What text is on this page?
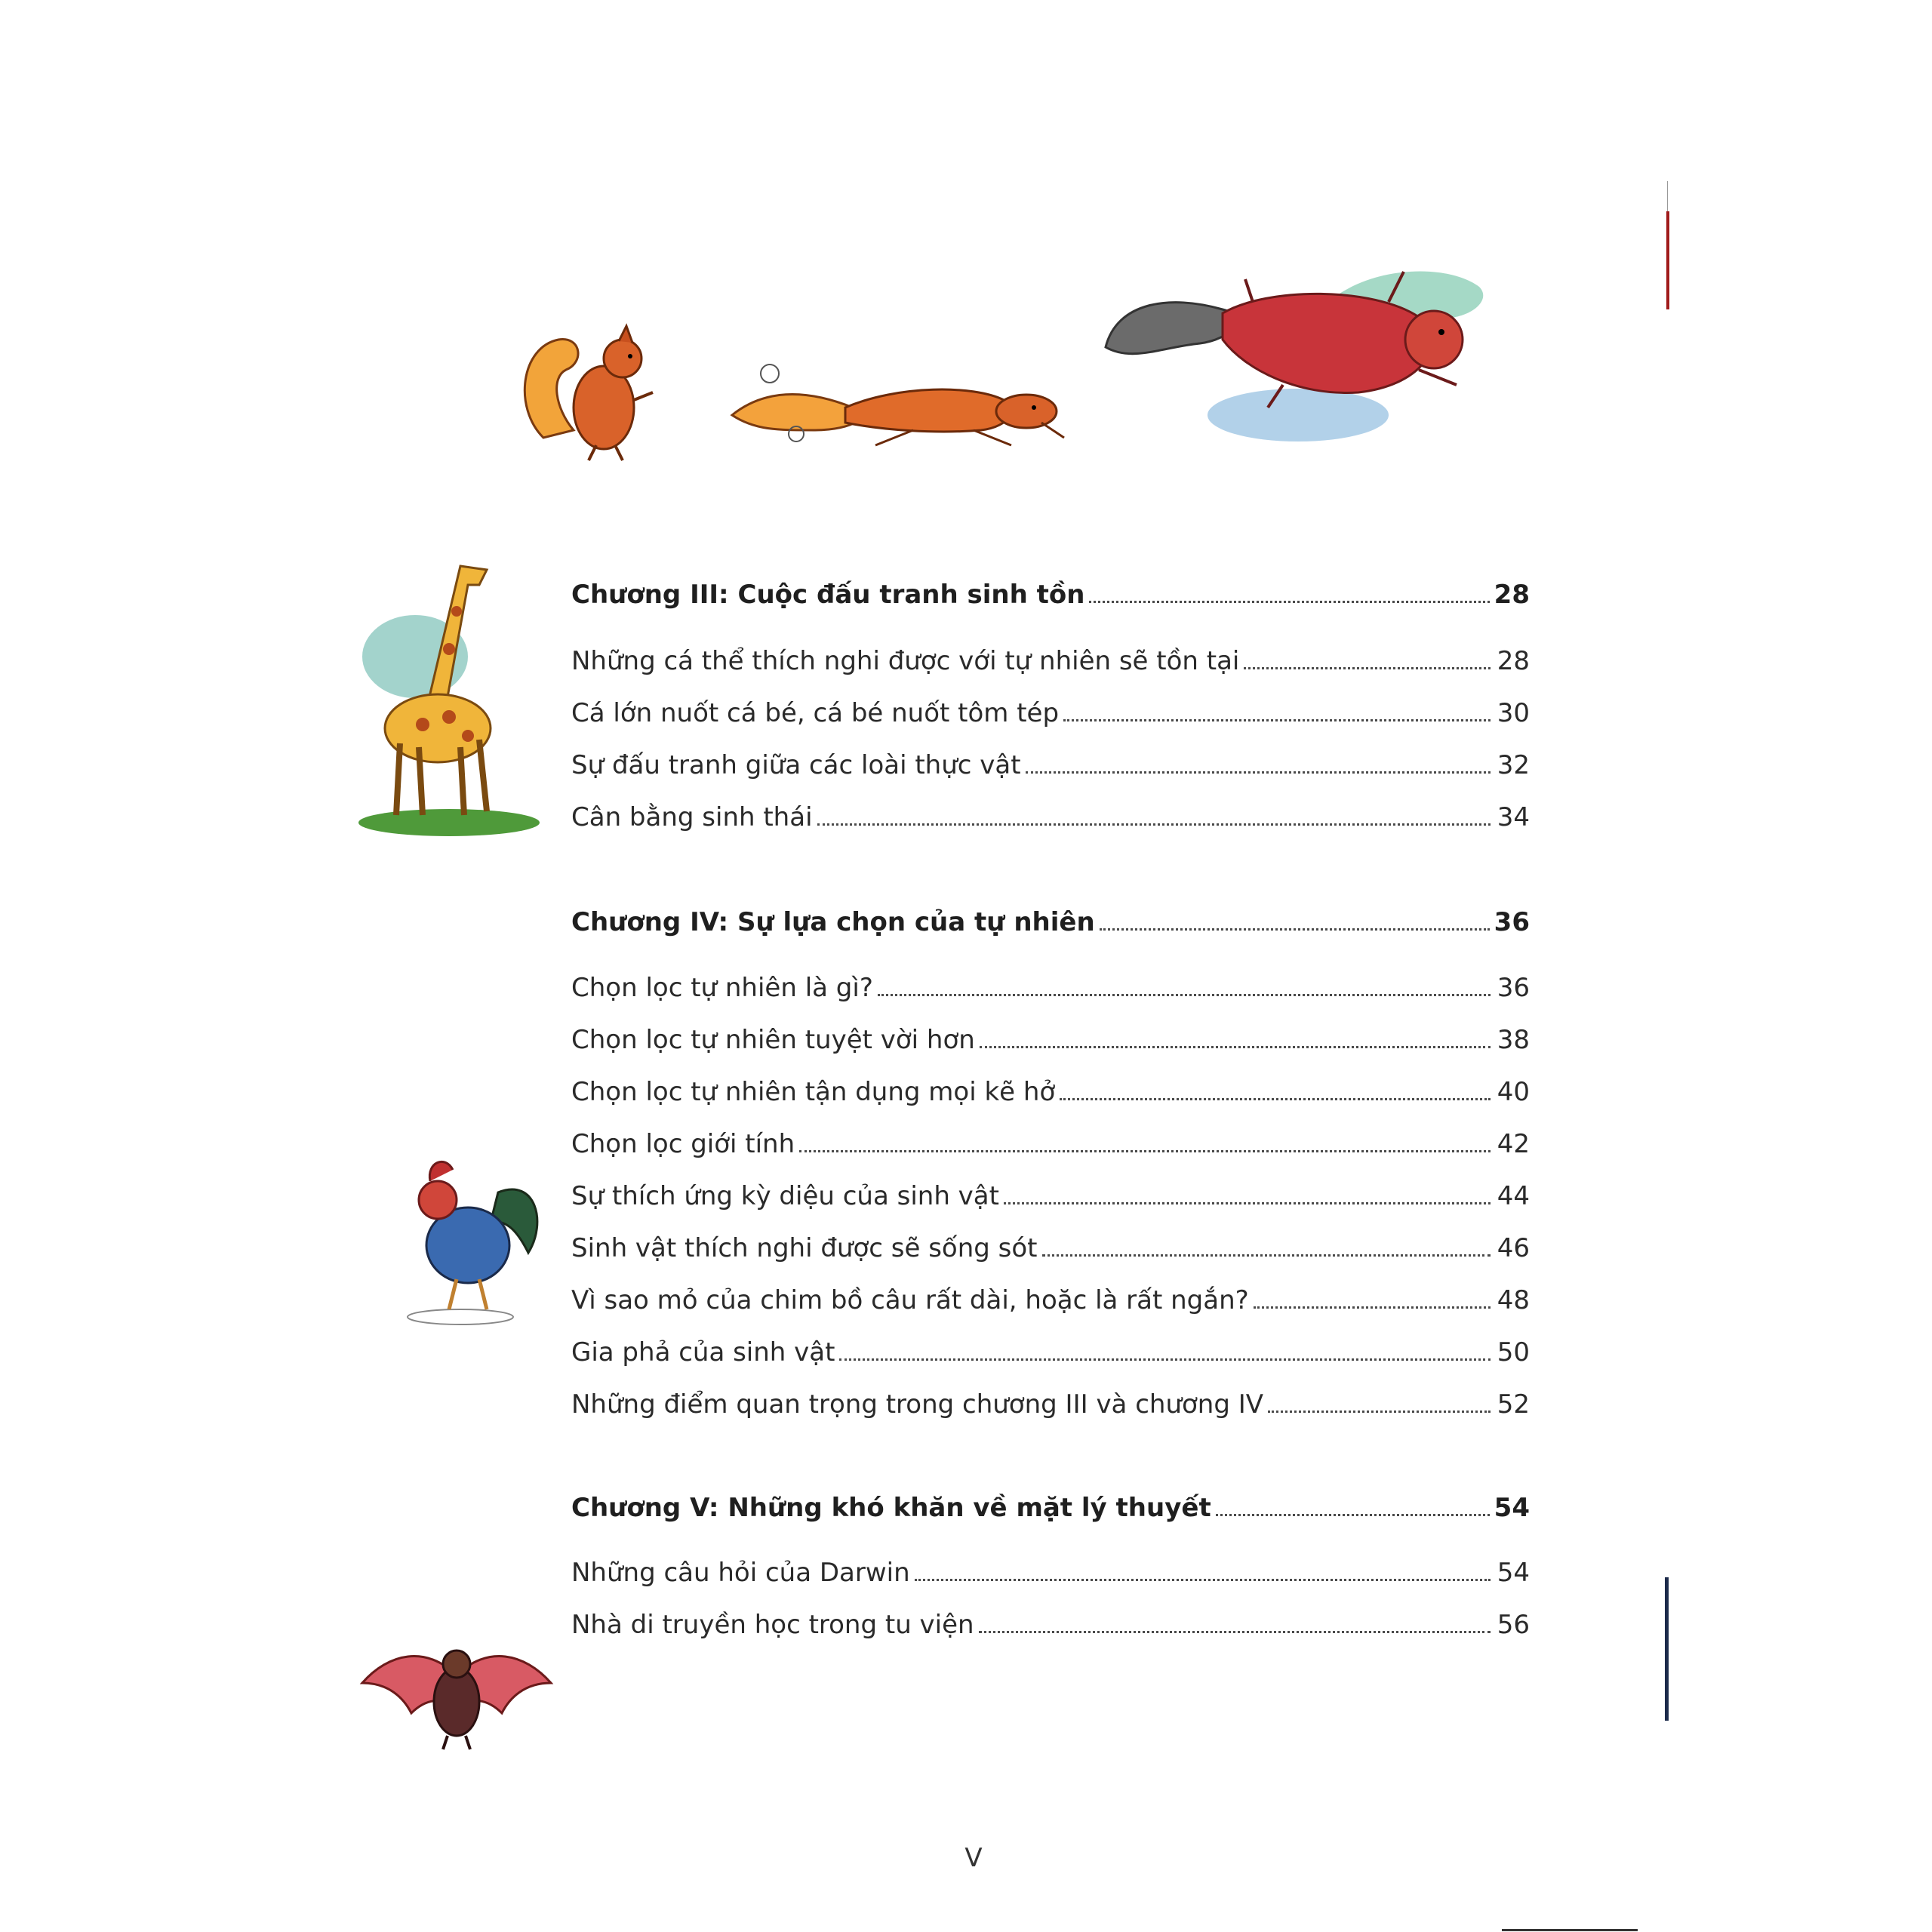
Chương III: Cuộc đấu tranh sinh tồn	28
Những cá thể thích nghi được với tự nhiên sẽ tồn tại	28
Cá lớn nuốt cá bé, cá bé nuốt tôm tép	30
Sự đấu tranh giữa các loài thực vật	32
Cân bằng sinh thái	34
Chương IV: Sự lựa chọn của tự nhiên	36
Chọn lọc tự nhiên là gì?	36
Chọn lọc tự nhiên tuyệt vời hơn	38
Chọn lọc tự nhiên tận dụng mọi kẽ hở	40
Chọn lọc giới tính	42
Sự thích ứng kỳ diệu của sinh vật	44
Sinh vật thích nghi được sẽ sống sót	46
Vì sao mỏ của chim bồ câu rất dài, hoặc là rất ngắn?	48
Gia phả của sinh vật	50
Những điểm quan trọng trong chương III và chương IV	52
Chương V: Những khó khăn về mặt lý thuyết	54
Những câu hỏi của Darwin	54
Nhà di truyền học trong tu viện	56
V
